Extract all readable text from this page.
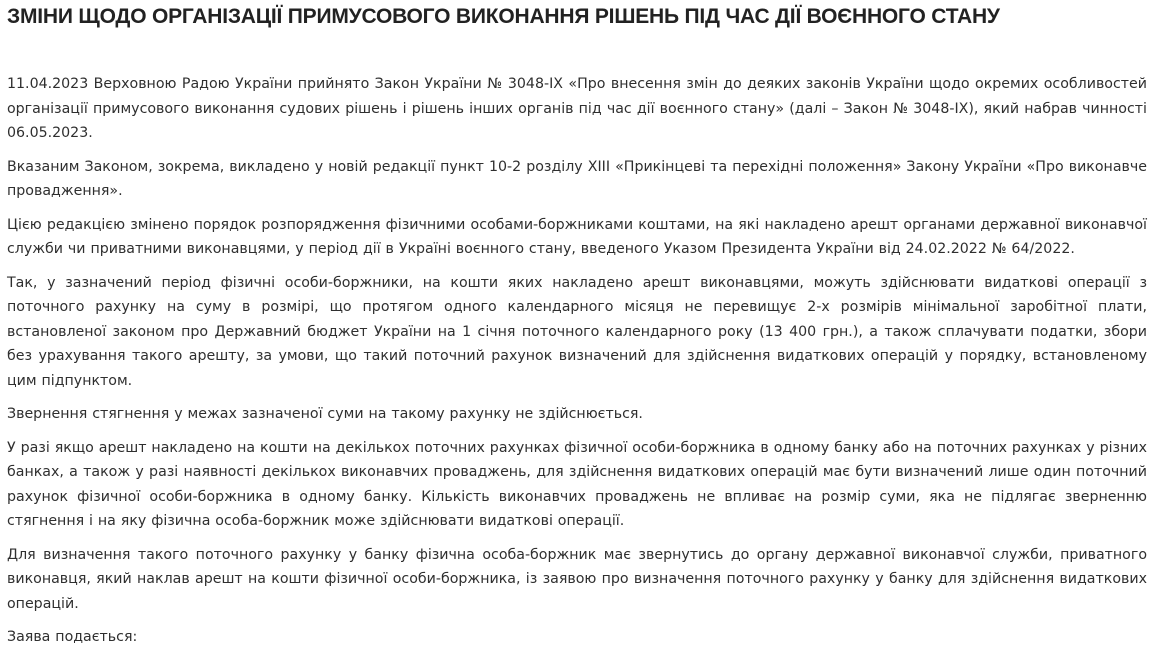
ЗМІНИ ЩОДО ОРГАНІЗАЦІЇ ПРИМУСОВОГО ВИКОНАННЯ РІШЕНЬ ПІД ЧАС ДІЇ ВОЄННОГО СТАНУ

11.04.2023 Верховною Радою України прийнято Закон України № 3048-IX «Про внесення змін до деяких законів України щодо окремих особливостей організації примусового виконання судових рішень і рішень інших органів під час дії воєнного стану» (далі – Закон № 3048-IX), який набрав чинності 06.05.2023.

Вказаним Законом, зокрема, викладено у новій редакції пункт 10-2 розділу XIII «Прикінцеві та перехідні положення» Закону України «Про виконавче провадження».

Цією редакцією змінено порядок розпорядження фізичними особами-боржниками коштами, на які накладено арешт органами державної виконавчої служби чи приватними виконавцями, у період дії в Україні воєнного стану, введеного Указом Президента України від 24.02.2022 № 64/2022.

Так, у зазначений період фізичні особи-боржники, на кошти яких накладено арешт виконавцями, можуть здійснювати видаткові операції з поточного рахунку на суму в розмірі, що протягом одного календарного місяця не перевищує 2-х розмірів мінімальної заробітної плати, встановленої законом про Державний бюджет України на 1 січня поточного календарного року (13 400 грн.), а також сплачувати податки, збори без урахування такого арешту, за умови, що такий поточний рахунок визначений для здійснення видаткових операцій у порядку, встановленому цим підпунктом.

Звернення стягнення у межах зазначеної суми на такому рахунку не здійснюється.

У разі якщо арешт накладено на кошти на декількох поточних рахунках фізичної особи-боржника в одному банку або на поточних рахунках у різних банках, а також у разі наявності декількох виконавчих проваджень, для здійснення видаткових операцій має бути визначений лише один поточний рахунок фізичної особи-боржника в одному банку. Кількість виконавчих проваджень не впливає на розмір суми, яка не підлягає зверненню стягнення і на яку фізична особа-боржник може здійснювати видаткові операції.

Для визначення такого поточного рахунку у банку фізична особа-боржник має звернутись до органу державної виконавчої служби, приватного виконавця, який наклав арешт на кошти фізичної особи-боржника, із заявою про визначення поточного рахунку у банку для здійснення видаткових операцій.

Заява подається:
